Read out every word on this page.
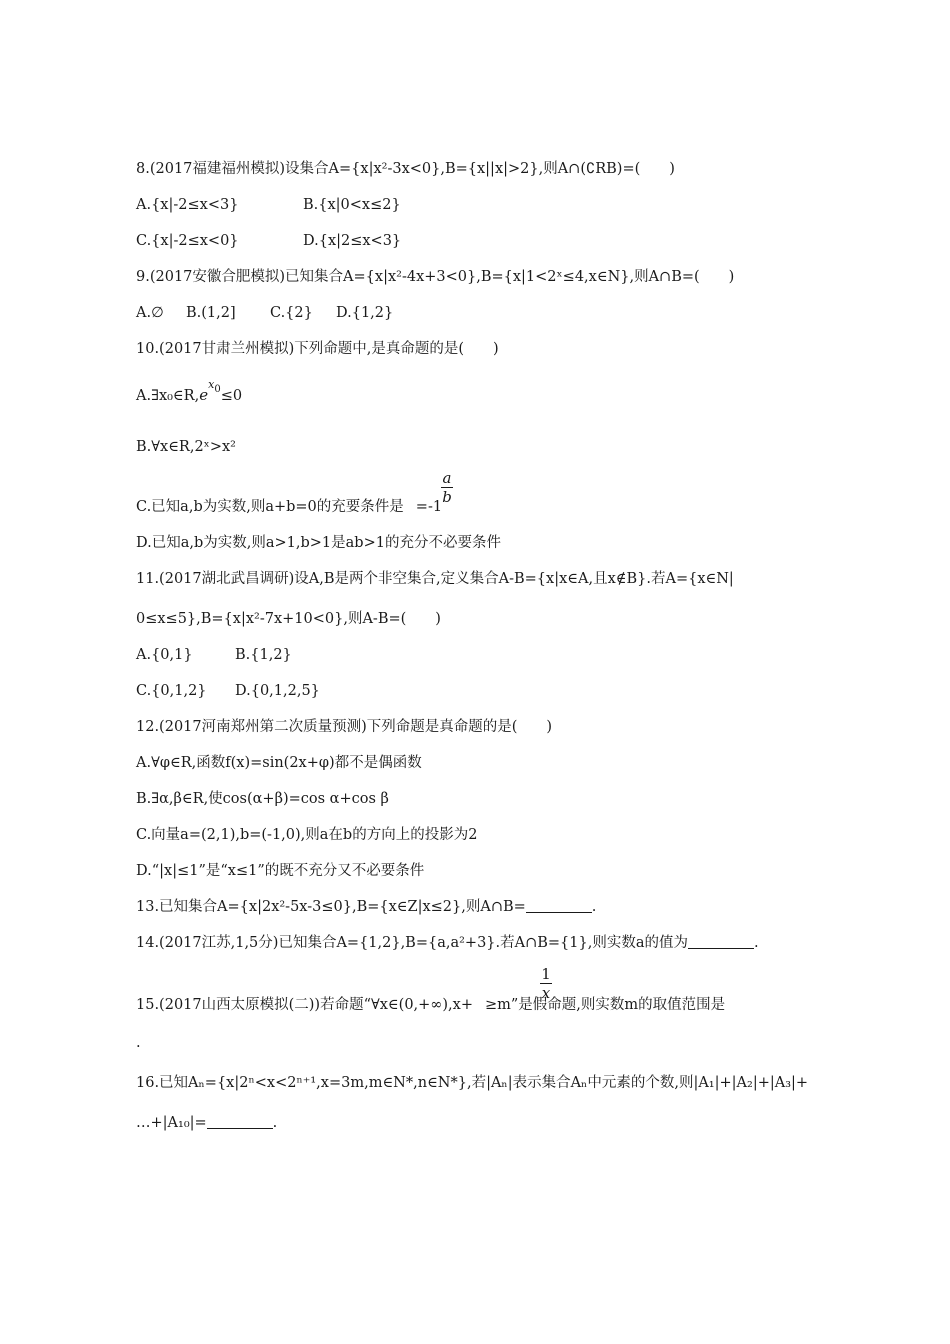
8.(2017福建福州模拟)设集合A={x|x²-3x<0},B={x||x|>2},则A∩(∁RB)=(　　)
A.{x|-2≤x<3}	B.{x|0<x≤2}
C.{x|-2≤x<0}	D.{x|2≤x<3}
9.(2017安徽合肥模拟)已知集合A={x|x²-4x+3<0},B={x|1<2ˣ≤4,x∈N},则A∩B=(　　)
A.∅ B.(1,2] C.{2} D.{1,2}
10.(2017甘肃兰州模拟)下列命题中,是真命题的是(　　)
$A.\exists x_0\in R,e^{x0}\le 0$
B.∀x∈R,2ˣ>x²
C.已知a,b为实数,则a+b=0的充要条件是 =-1
a
b
D.已知a,b为实数,则a>1,b>1是ab>1的充分不必要条件
11.(2017湖北武昌调研)设A,B是两个非空集合,定义集合A-B={x|x∈A,且x∉B}.若A={x∈N|
0≤x≤5},B={x|x²-7x+10<0},则A-B=(　　)
A.{0,1}	B.{1,2}
C.{0,1,2} D.{0,1,2,5}
12.(2017河南郑州第二次质量预测)下列命题是真命题的是(　　)
A.∀φ∈R,函数f(x)=sin(2x+φ)都不是偶函数
B.∃α,β∈R,使cos(α+β)=cos α+cos β
C.向量a=(2,1),b=(-1,0),则a在b的方向上的投影为2
D.“|x|≤1”是“x≤1”的既不充分又不必要条件
13.已知集合A={x|2x²-5x-3≤0},B={x∈Z|x≤2},则A∩B=	.
14.(2017江苏,1,5分)已知集合A={1,2},B={a,a²+3}.若A∩B={1},则实数a的值为	.
15.(2017山西太原模拟(二))若命题“∀x∈(0,+∞),x+ ≥m”是假命题,则实数m的取值范围是
1
x
.
16.已知Aₙ={x|2ⁿ<x<2ⁿ⁺¹,x=3m,m∈N*,n∈N*},若|Aₙ|表示集合Aₙ中元素的个数,则|A₁|+|A₂|+|A₃|+
…+|A₁₀|=	.
